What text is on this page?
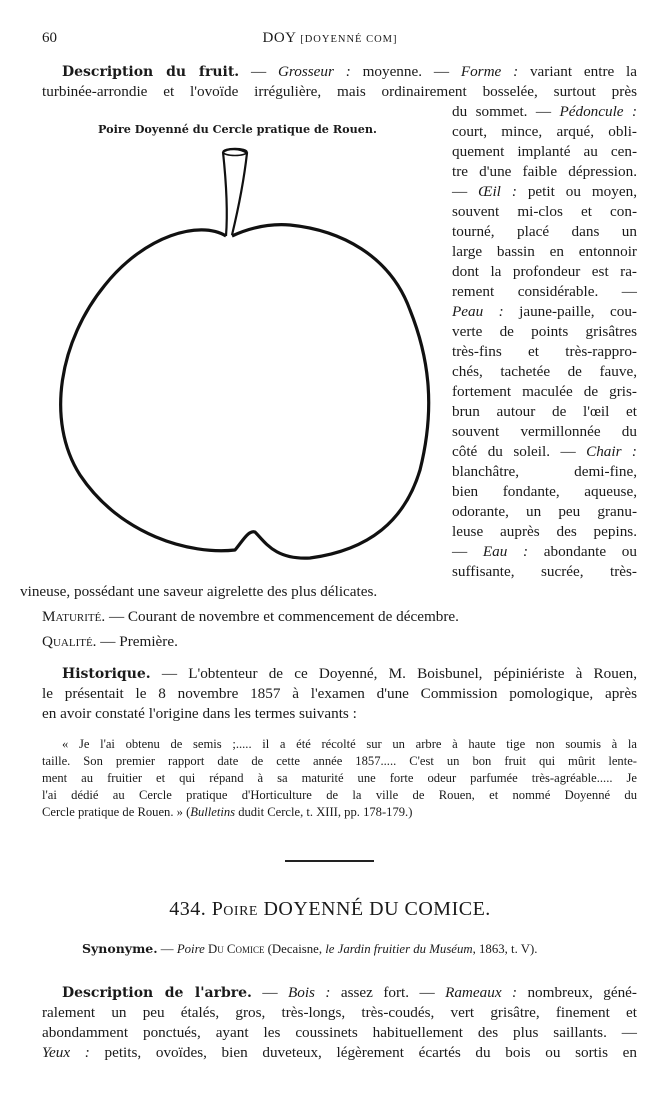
60	DOY [DOYENNÉ COM]
Description du fruit. — Grosseur : moyenne. — Forme : variant entre la
turbinée-arrondie et l'ovoïde irrégulière, mais ordinairement bosselée, surtout près
du sommet. — Pédoncule :
Poire Doyenné du Cercle pratique de Rouen.	court, mince, arqué, obli-
quement implanté au cen-
tre d'une faible dépression.
— Œil : petit ou moyen,
souvent mi-clos et con-
tourné, placé dans un
large bassin en entonnoir
dont la profondeur est ra-
rement considérable. —
Peau : jaune-paille, cou-
verte de points grisâtres
très-fins et très-rappro-
chés, tachetée de fauve,
fortement maculée de gris-
brun autour de l'œil et
souvent vermillonnée du
côté du soleil. — Chair :
blanchâtre, demi-fine,
bien fondante, aqueuse,
odorante, un peu granu-
leuse auprès des pepins.
— Eau : abondante ou
suffisante, sucrée, très-
vineuse, possédant une saveur aigrelette des plus délicates.
Maturité. — Courant de novembre et commencement de décembre.
Qualité. — Première.
Historique. — L'obtenteur de ce Doyenné, M. Boisbunel, pépiniériste à Rouen,
le présentait le 8 novembre 1857 à l'examen d'une Commission pomologique, après
en avoir constaté l'origine dans les termes suivants :
« Je l'ai obtenu de semis ;..... il a été récolté sur un arbre à haute tige non soumis à la
taille. Son premier rapport date de cette année 1857..... C'est un bon fruit qui mûrit lente-
ment au fruitier et qui répand à sa maturité une forte odeur parfumée très-agréable..... Je
l'ai dédié au Cercle pratique d'Horticulture de la ville de Rouen, et nommé Doyenné du
Cercle pratique de Rouen. » (Bulletins dudit Cercle, t. XIII, pp. 178-179.)
434. Poire DOYENNÉ DU COMICE.
Synonyme. — Poire Du Comice (Decaisne, le Jardin fruitier du Muséum, 1863, t. V).
Description de l'arbre. — Bois : assez fort. — Rameaux : nombreux, géné-
ralement un peu étalés, gros, très-longs, très-coudés, vert grisâtre, finement et
abondamment ponctués, ayant les coussinets habituellement des plus saillants. —
Yeux : petits, ovoïdes, bien duveteux, légèrement écartés du bois ou sortis en
